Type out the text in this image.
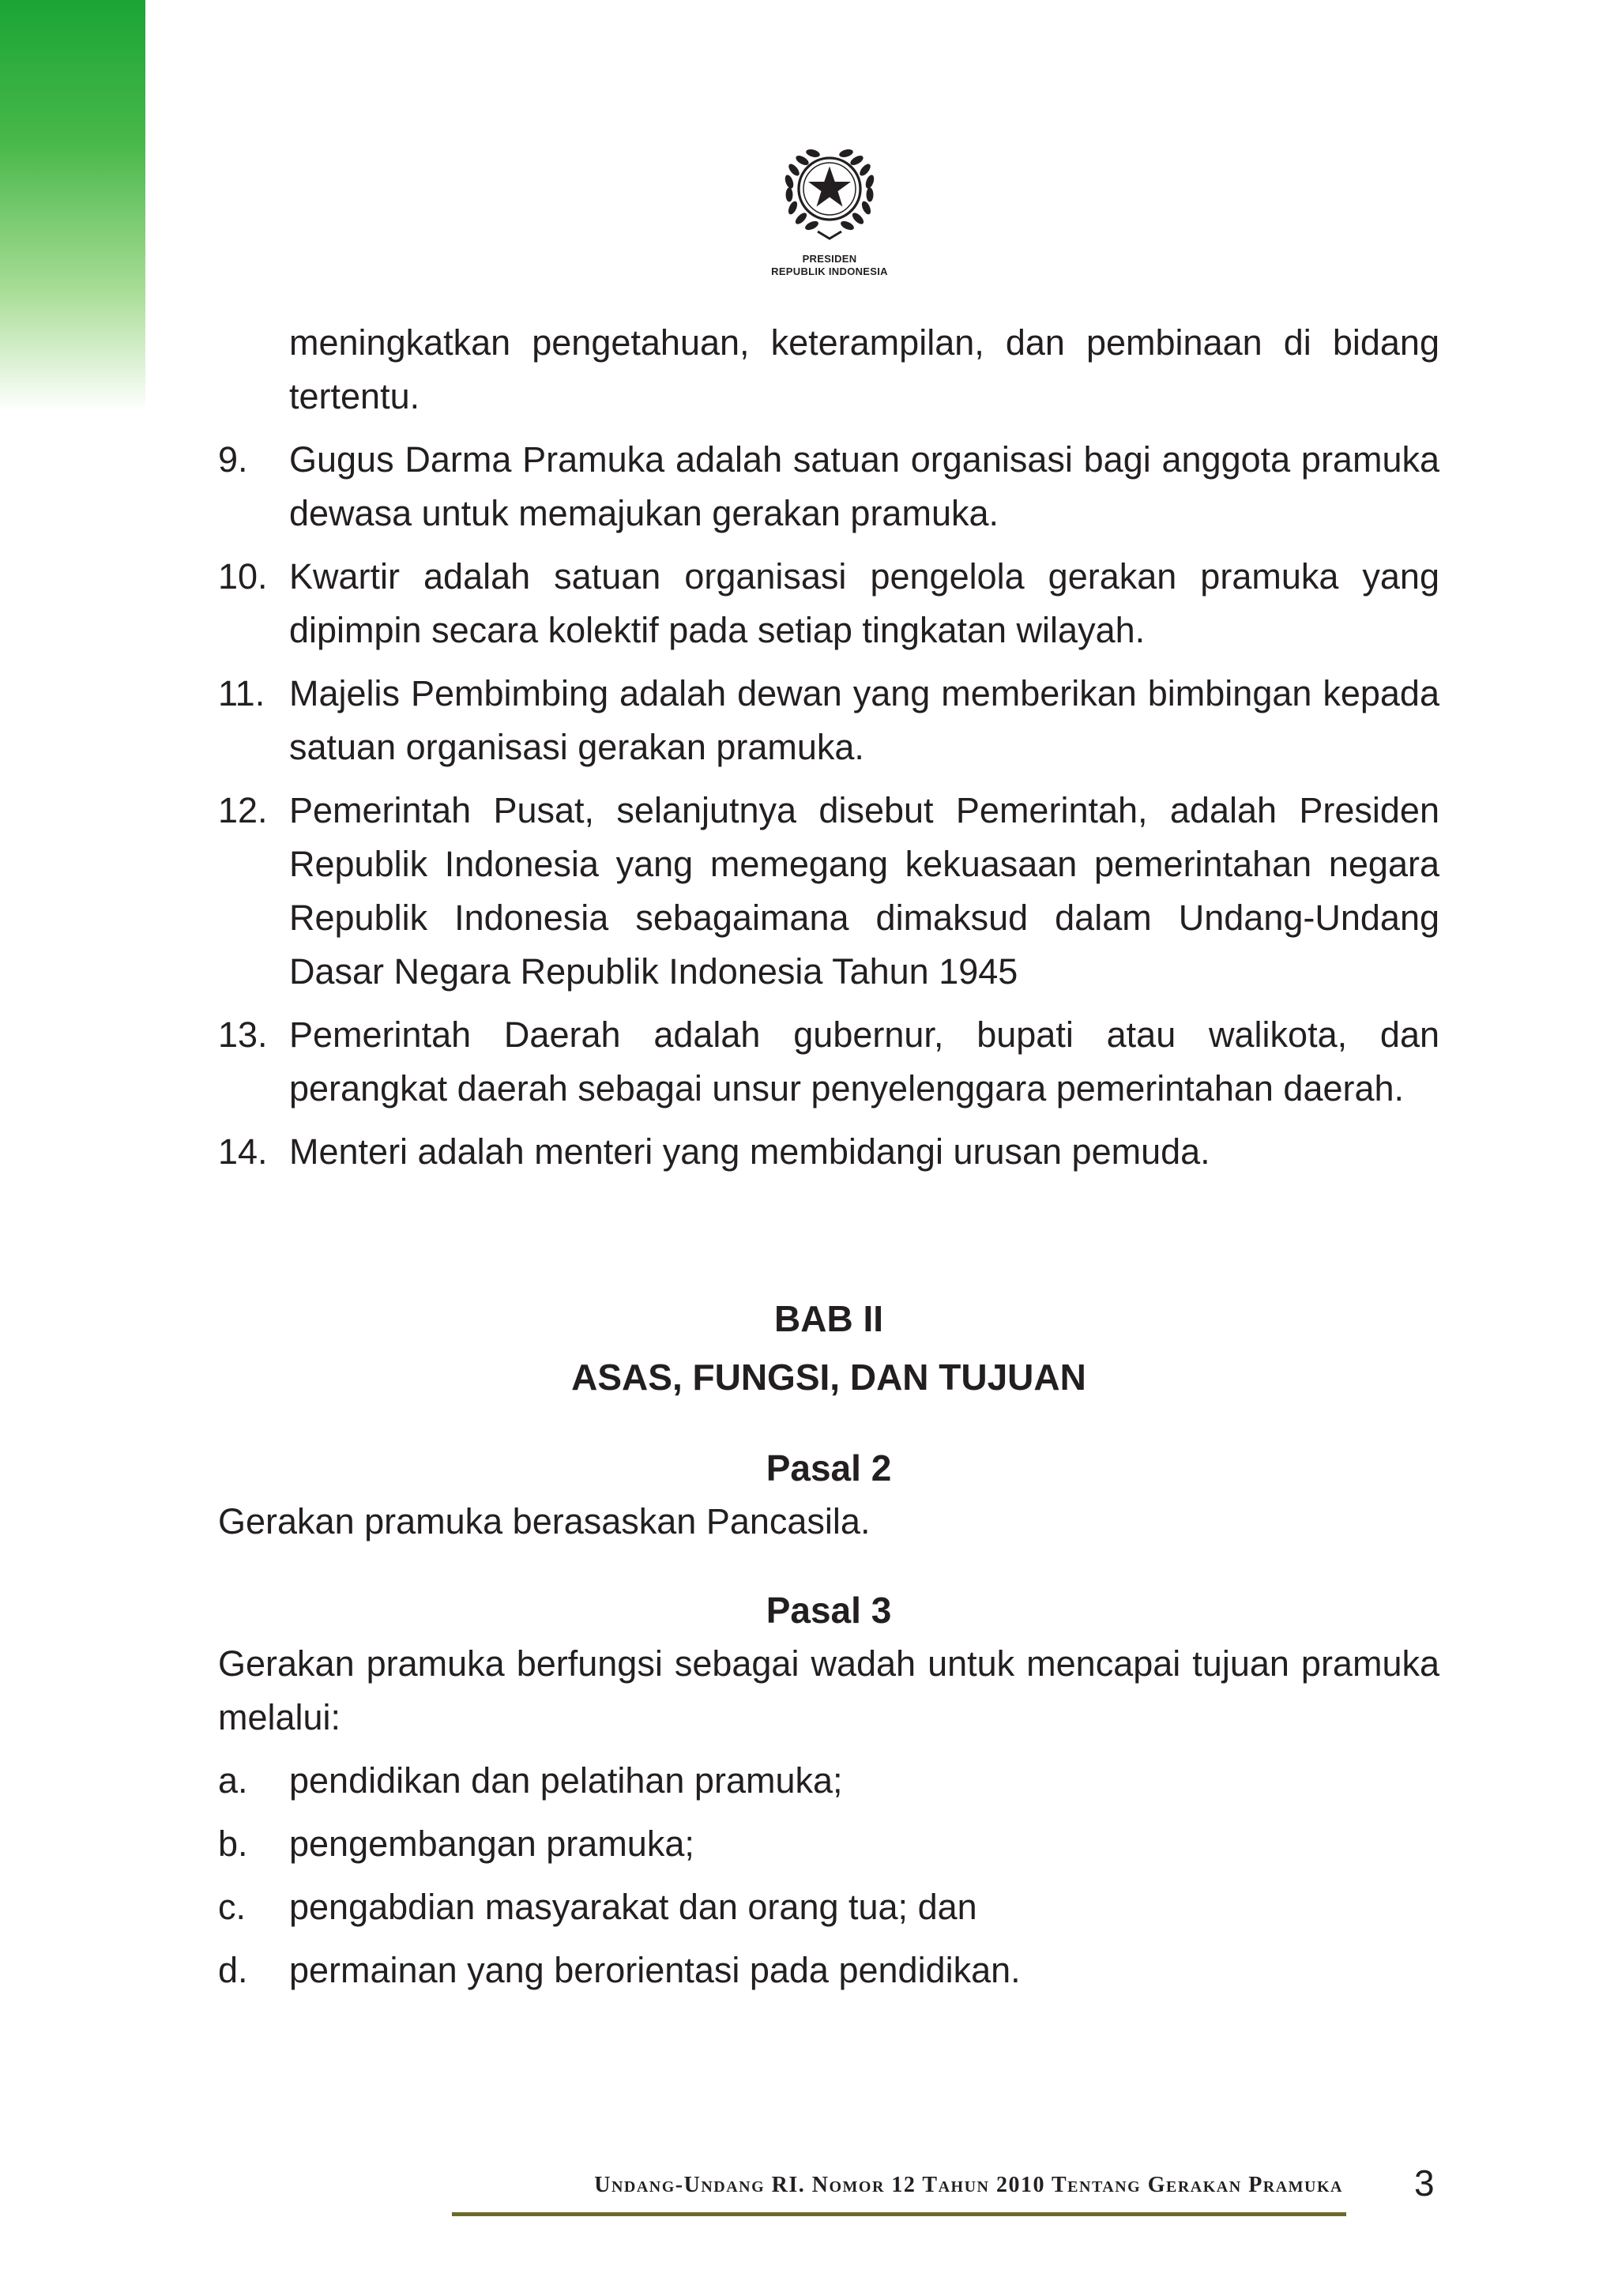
PRESIDEN
REPUBLIK INDONESIA
meningkatkan pengetahuan, keterampilan, dan pembinaan di bidang tertentu.
9.	Gugus Darma Pramuka adalah satuan organisasi bagi anggota pramuka dewasa untuk memajukan gerakan pramuka.
10. Kwartir adalah satuan organisasi pengelola gerakan pramuka yang dipimpin secara kolektif pada setiap tingkatan wilayah.
11. Majelis Pembimbing adalah dewan yang memberikan bimbingan kepada satuan organisasi gerakan pramuka.
12. Pemerintah Pusat, selanjutnya disebut Pemerintah, adalah Presiden Republik Indonesia yang memegang kekuasaan pemerintahan negara Republik Indonesia sebagaimana dimaksud dalam Undang-Undang Dasar Negara Republik Indonesia Tahun 1945
13. Pemerintah Daerah adalah gubernur, bupati atau walikota, dan perangkat daerah sebagai unsur penyelenggara pemerintahan daerah.
14. Menteri adalah menteri yang membidangi urusan pemuda.
BAB II
ASAS, FUNGSI, DAN TUJUAN
Pasal 2
Gerakan pramuka berasaskan Pancasila.
Pasal 3
Gerakan pramuka berfungsi sebagai wadah untuk mencapai tujuan pramuka melalui:
a.	pendidikan dan pelatihan pramuka;
b.	pengembangan pramuka;
c.	pengabdian masyarakat dan orang tua; dan
d.	permainan yang berorientasi pada pendidikan.
Undang-Undang RI. Nomor 12 Tahun 2010 Tentang Gerakan Pramuka 3
